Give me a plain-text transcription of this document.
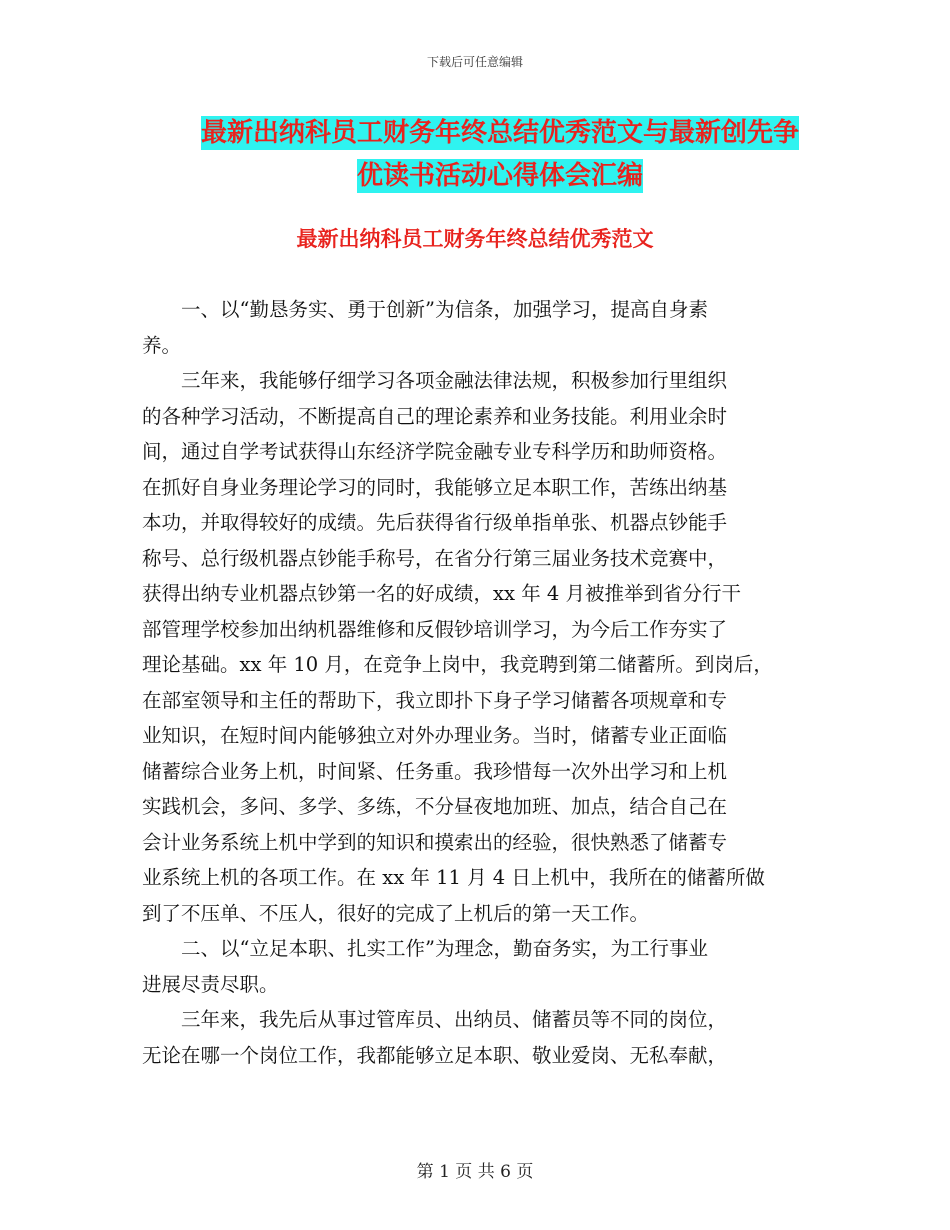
下载后可任意编辑
最新出纳科员工财务年终总结优秀范文与最新创先争
优读书活动心得体会汇编
最新出纳科员工财务年终总结优秀范文
　　一、以“勤恳务实、勇于创新”为信条，加强学习，提高自身素
养。
　　三年来，我能够仔细学习各项金融法律法规，积极参加行里组织
的各种学习活动，不断提高自己的理论素养和业务技能。利用业余时
间，通过自学考试获得山东经济学院金融专业专科学历和助师资格。
在抓好自身业务理论学习的同时，我能够立足本职工作，苦练出纳基
本功，并取得较好的成绩。先后获得省行级单指单张、机器点钞能手
称号、总行级机器点钞能手称号，在省分行第三届业务技术竞赛中，
获得出纳专业机器点钞第一名的好成绩，xx 年 4 月被推举到省分行干
部管理学校参加出纳机器维修和反假钞培训学习，为今后工作夯实了
理论基础。xx 年 10 月，在竞争上岗中，我竞聘到第二储蓄所。到岗后，
在部室领导和主任的帮助下，我立即扑下身子学习储蓄各项规章和专
业知识，在短时间内能够独立对外办理业务。当时，储蓄专业正面临
储蓄综合业务上机，时间紧、任务重。我珍惜每一次外出学习和上机
实践机会，多问、多学、多练，不分昼夜地加班、加点，结合自己在
会计业务系统上机中学到的知识和摸索出的经验，很快熟悉了储蓄专
业系统上机的各项工作。在 xx 年 11 月 4 日上机中，我所在的储蓄所做
到了不压单、不压人，很好的完成了上机后的第一天工作。
　　二、以“立足本职、扎实工作”为理念，勤奋务实，为工行事业
进展尽责尽职。
　　三年来，我先后从事过管库员、出纳员、储蓄员等不同的岗位，
无论在哪一个岗位工作，我都能够立足本职、敬业爱岗、无私奉献，
第 1 页 共 6 页
